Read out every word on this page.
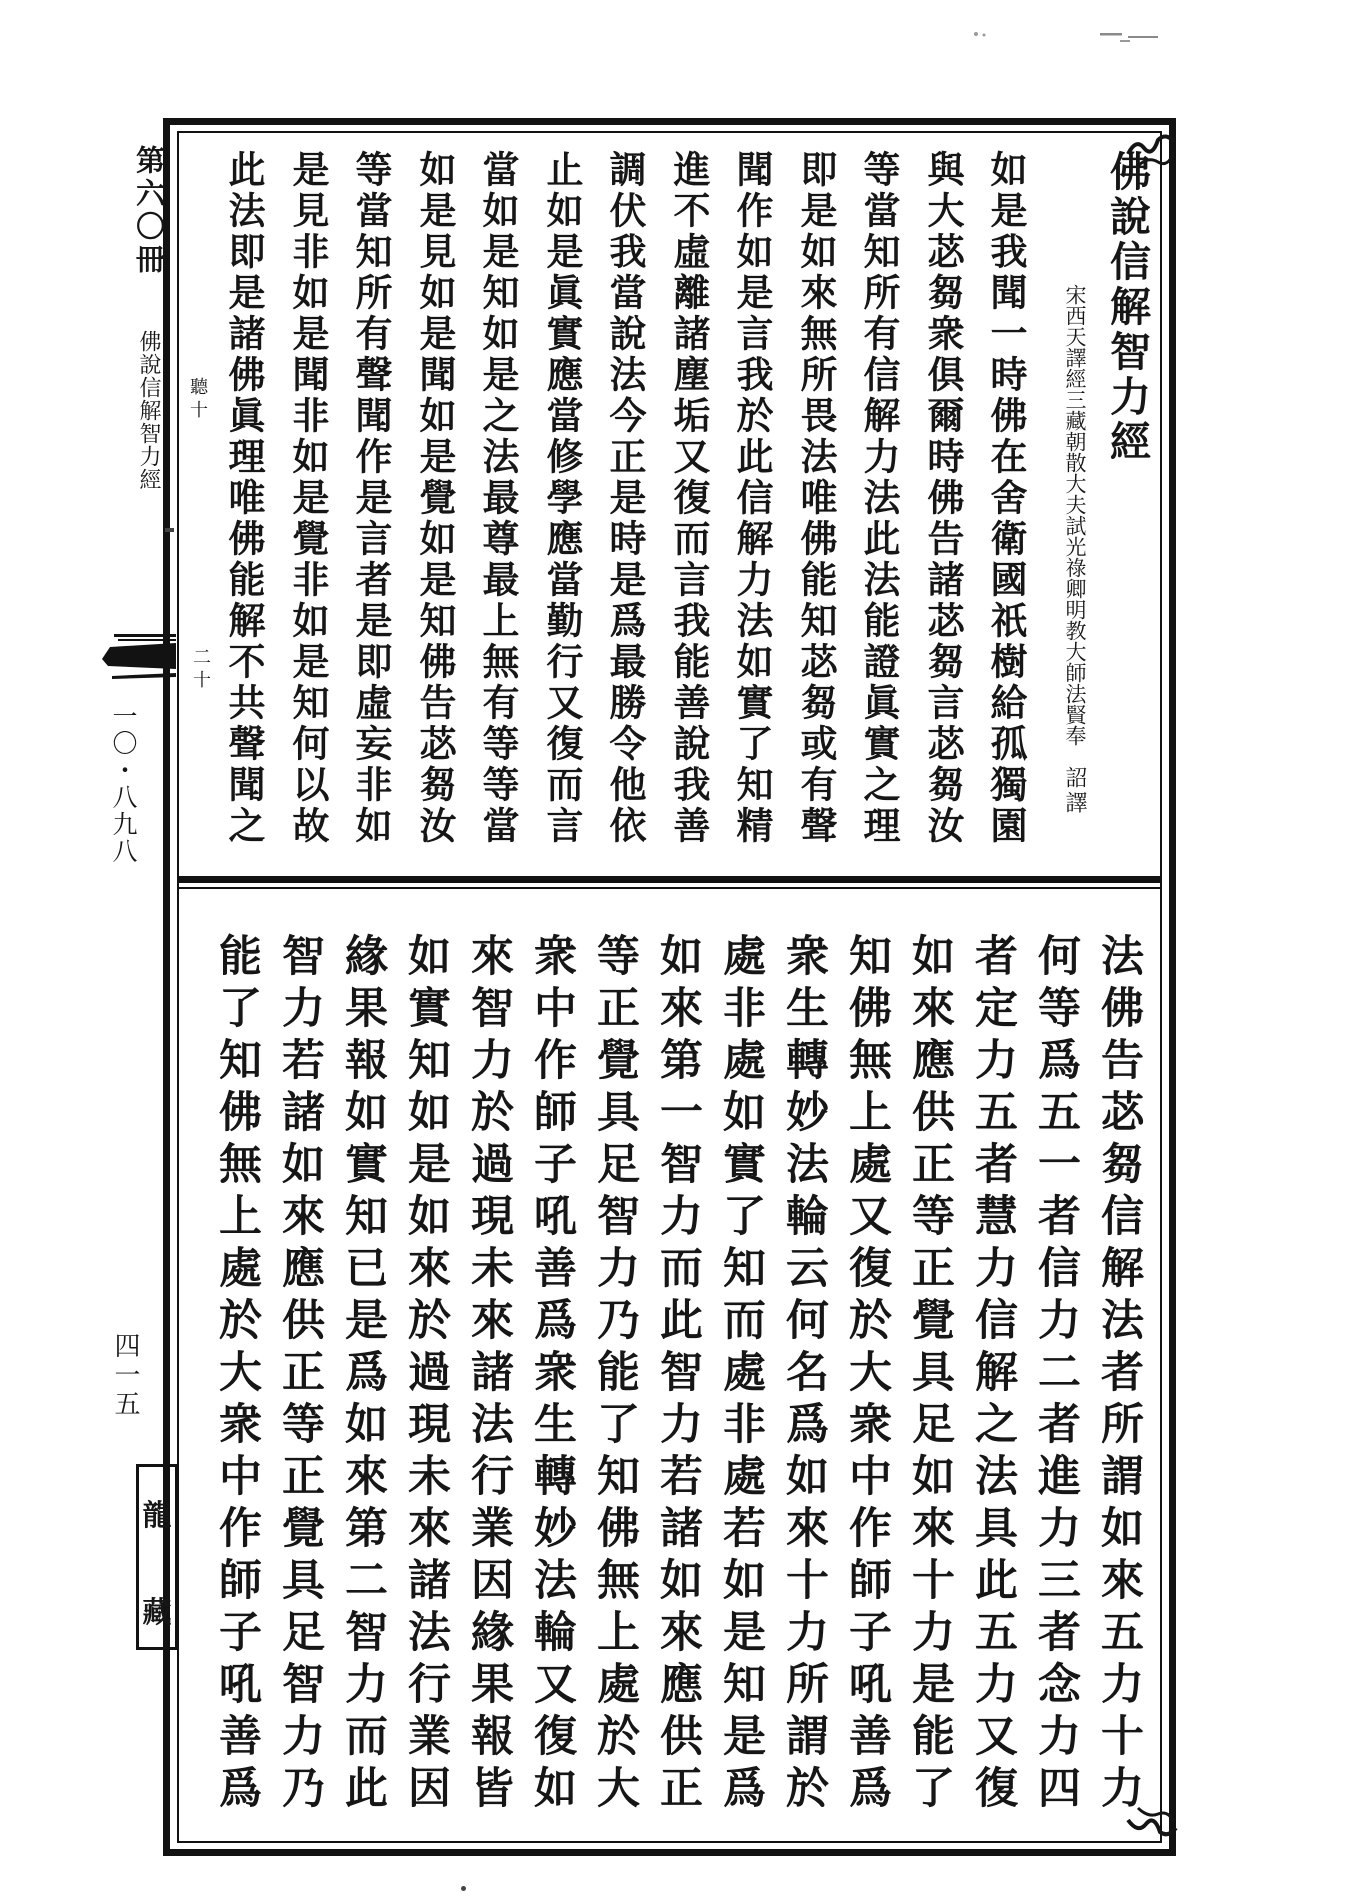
第六〇冊
佛說信解智力經
一〇・八九八
四一五
龍
藏
佛說信解智力經
宋西天譯經三藏朝散大夫試光祿卿明教大師法賢奉
詔譯
聽十
二十	如是我聞一時佛在舍衛國祇樹給孤獨園
與大苾芻衆俱爾時佛告諸苾芻言苾芻汝
等當知所有信解力法此法能證眞實之理
即是如來無所畏法唯佛能知苾芻或有聲
聞作如是言我於此信解力法如實了知精
進不虛離諸塵垢又復而言我能善說我善
調伏我當說法今正是時是爲最勝令他依
止如是眞實應當修學應當勤行又復而言
當如是知如是之法最尊最上無有等等當
如是見如是聞如是覺如是知佛告苾芻汝
等當知所有聲聞作是言者是即虛妄非如
是見非如是聞非如是覺非如是知何以故
此法即是諸佛眞理唯佛能解不共聲聞之
法佛告苾芻信解法者所謂如來五力十力
何等爲五一者信力二者進力三者念力四
者定力五者慧力信解之法具此五力又復
如來應供正等正覺具足如來十力是能了
知佛無上處又復於大衆中作師子吼善爲
衆生轉妙法輪云何名爲如來十力所謂於
處非處如實了知而處非處若如是知是爲
如來第一智力而此智力若諸如來應供正
等正覺具足智力乃能了知佛無上處於大
衆中作師子吼善爲衆生轉妙法輪又復如
來智力於過現未來諸法行業因緣果報皆
如實知如是如來於過現未來諸法行業因
緣果報如實知已是爲如來第二智力而此
智力若諸如來應供正等正覺具足智力乃
能了知佛無上處於大衆中作師子吼善爲
